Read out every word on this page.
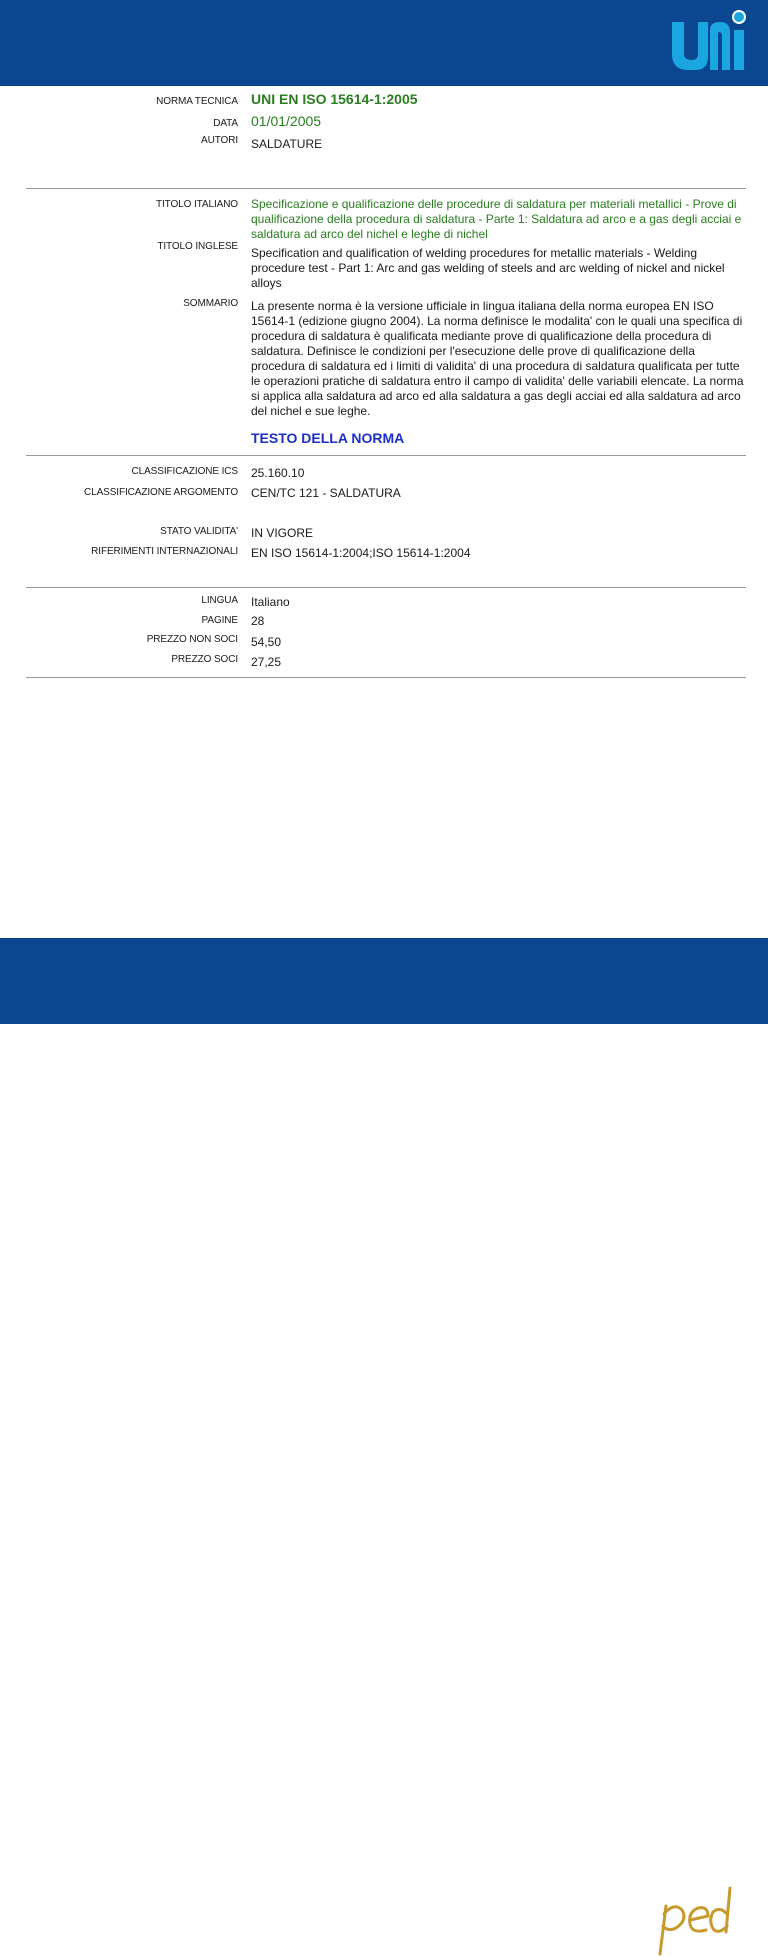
NORMA TECNICA UNI EN ISO 15614-1:2005
DATA 01/01/2005
AUTORI SALDATURE
TITOLO ITALIANO Specificazione e qualificazione delle procedure di saldatura per materiali metallici - Prove di qualificazione della procedura di saldatura - Parte 1: Saldatura ad arco e a gas degli acciai e saldatura ad arco del nichel e leghe di nichel
TITOLO INGLESE Specification and qualification of welding procedures for metallic materials - Welding procedure test - Part 1: Arc and gas welding of steels and arc welding of nickel and nickel alloys
SOMMARIO La presente norma è la versione ufficiale in lingua italiana della norma europea EN ISO 15614-1 (edizione giugno 2004). La norma definisce le modalita' con le quali una specifica di procedura di saldatura è qualificata mediante prove di qualificazione della procedura di saldatura. Definisce le condizioni per l'esecuzione delle prove di qualificazione della procedura di saldatura ed i limiti di validita' di una procedura di saldatura qualificata per tutte le operazioni pratiche di saldatura entro il campo di validita' delle variabili elencate. La norma si applica alla saldatura ad arco ed alla saldatura a gas degli acciai ed alla saldatura ad arco del nichel e sue leghe.
TESTO DELLA NORMA
CLASSIFICAZIONE ICS 25.160.10
CLASSIFICAZIONE ARGOMENTO CEN/TC 121 - SALDATURA
STATO VALIDITA' IN VIGORE
RIFERIMENTI INTERNAZIONALI EN ISO 15614-1:2004;ISO 15614-1:2004
LINGUA Italiano
PAGINE 28
PREZZO NON SOCI 54,50
PREZZO SOCI 27,25
